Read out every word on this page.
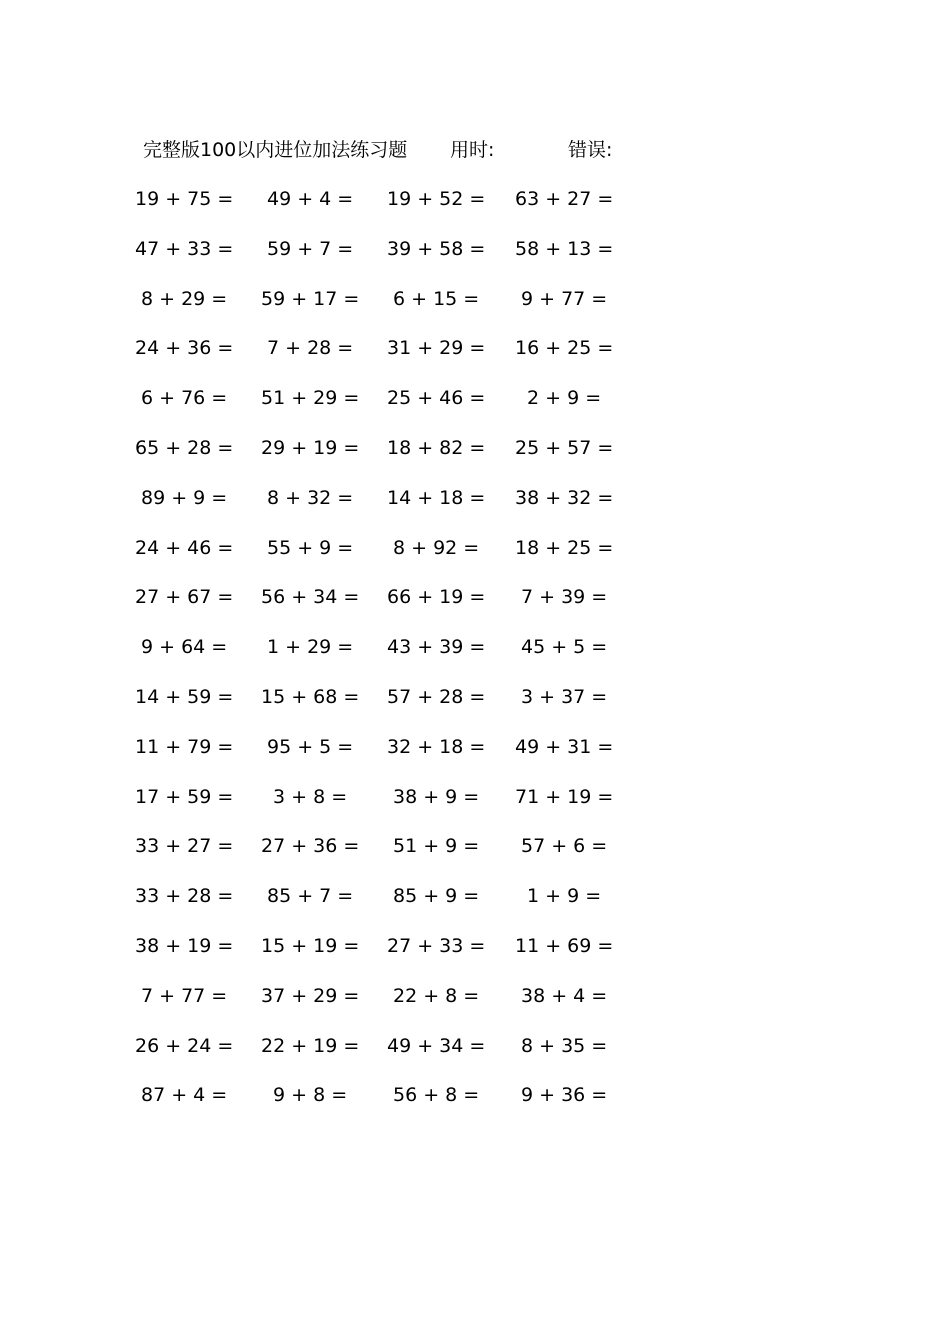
完整版100以内进位加法练习题 用时:	错误:
19 + 75 = 49 + 4 = 19 + 52 = 63 + 27 =
47 + 33 = 59 + 7 = 39 + 58 = 58 + 13 =
8 + 29 = 59 + 17 = 6 + 15 = 9 + 77 =
24 + 36 = 7 + 28 = 31 + 29 = 16 + 25 =
6 + 76 = 51 + 29 = 25 + 46 = 2 + 9 =
65 + 28 = 29 + 19 = 18 + 82 = 25 + 57 =
89 + 9 = 8 + 32 = 14 + 18 = 38 + 32 =
24 + 46 = 55 + 9 = 8 + 92 = 18 + 25 =
27 + 67 = 56 + 34 = 66 + 19 = 7 + 39 =
9 + 64 = 1 + 29 = 43 + 39 = 45 + 5 =
14 + 59 = 15 + 68 = 57 + 28 = 3 + 37 =
11 + 79 = 95 + 5 = 32 + 18 = 49 + 31 =
17 + 59 = 3 + 8 = 38 + 9 = 71 + 19 =
33 + 27 = 27 + 36 = 51 + 9 = 57 + 6 =
33 + 28 = 85 + 7 = 85 + 9 =	1 + 9 =
38 + 19 = 15 + 19 = 27 + 33 = 11 + 69 =
7 + 77 = 37 + 29 = 22 + 8 = 38 + 4 =
26 + 24 = 22 + 19 = 49 + 34 = 8 + 35 =
87 + 4 = 9 + 8 = 56 + 8 = 9 + 36 =
